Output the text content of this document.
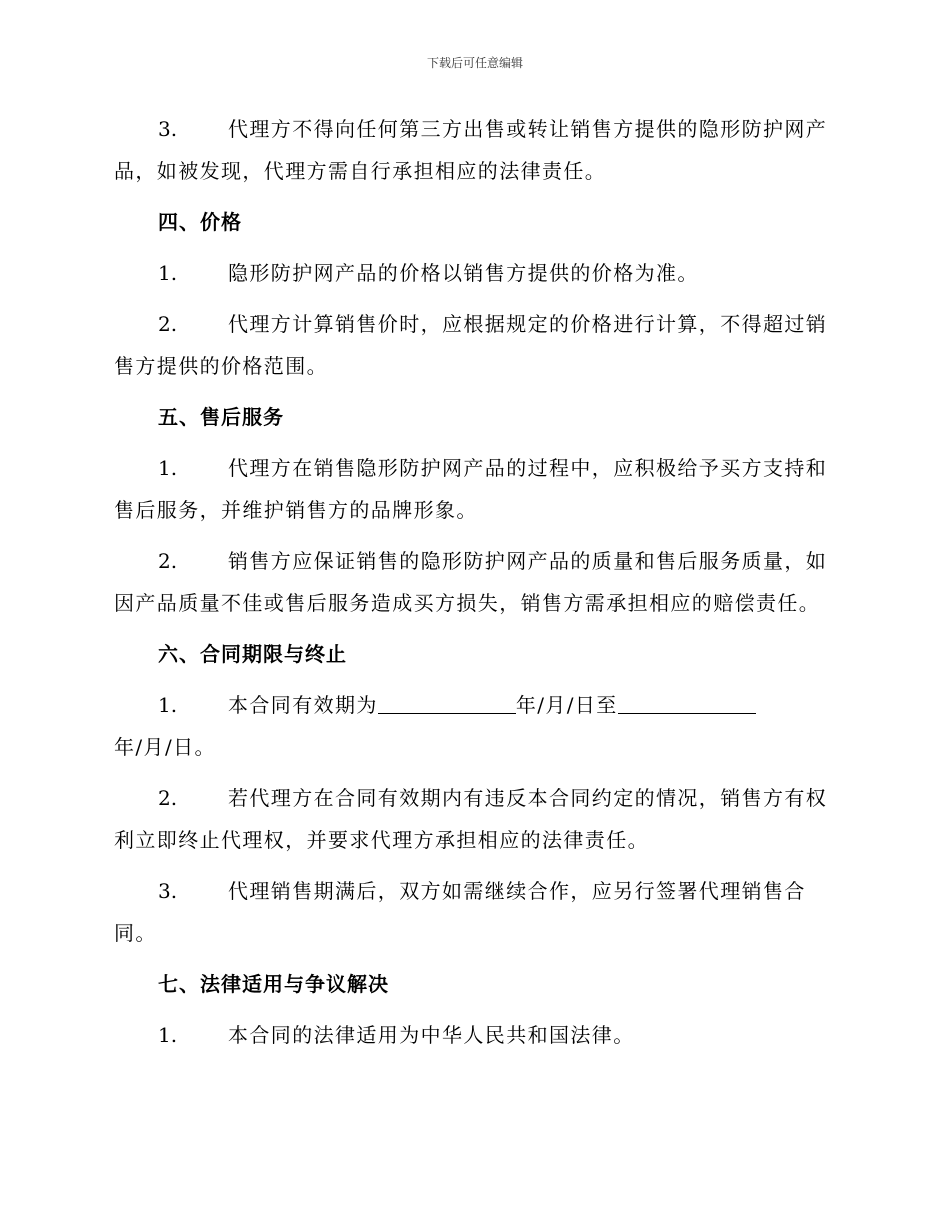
下载后可任意编辑
3.	代理方不得向任何第三方出售或转让销售方提供的隐形防护网产
品，如被发现，代理方需自行承担相应的法律责任。
四、价格
1.	隐形防护网产品的价格以销售方提供的价格为准。
2.	代理方计算销售价时，应根据规定的价格进行计算，不得超过销
售方提供的价格范围。
五、售后服务
1.	代理方在销售隐形防护网产品的过程中，应积极给予买方支持和
售后服务，并维护销售方的品牌形象。
2.	销售方应保证销售的隐形防护网产品的质量和售后服务质量，如
因产品质量不佳或售后服务造成买方损失，销售方需承担相应的赔偿责任。
六、合同期限与终止
1.	本合同有效期为	年/月/日至
年/月/日。
2.	若代理方在合同有效期内有违反本合同约定的情况，销售方有权
利立即终止代理权，并要求代理方承担相应的法律责任。
3.	代理销售期满后，双方如需继续合作，应另行签署代理销售合
同。
七、法律适用与争议解决
1.	本合同的法律适用为中华人民共和国法律。
